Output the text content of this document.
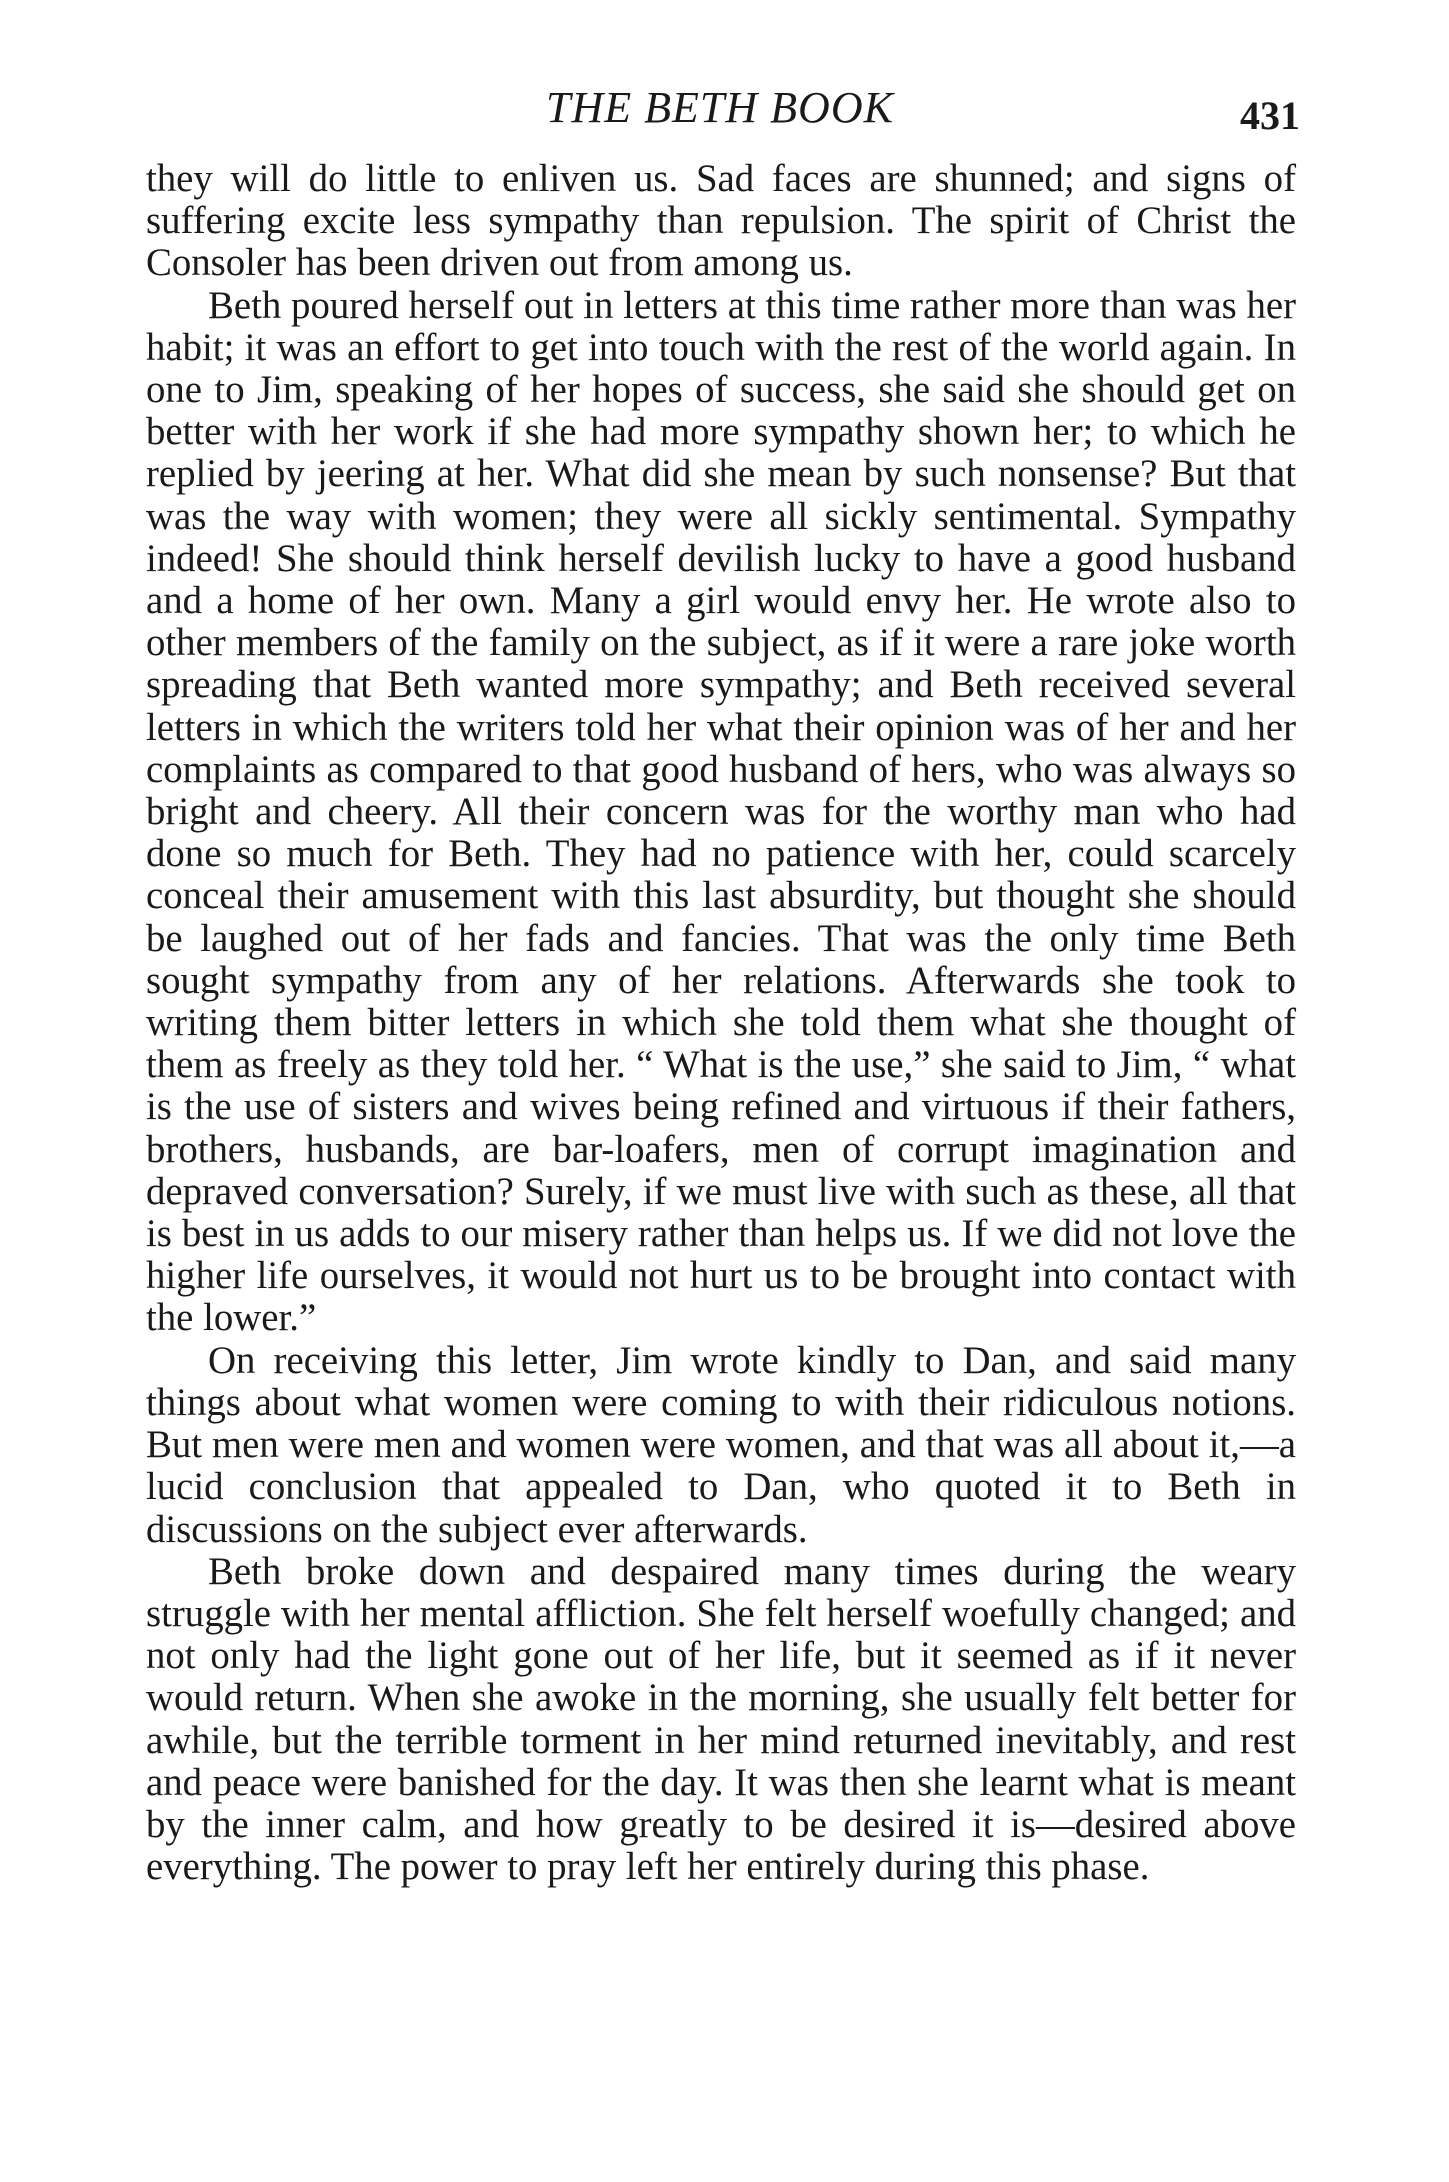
THE BETH BOOK	431

they will do little to enliven us. Sad faces are shunned; and signs of suffering excite less sympathy than repulsion. The spirit of Christ the Consoler has been driven out from among us.

Beth poured herself out in letters at this time rather more than was her habit; it was an effort to get into touch with the rest of the world again. In one to Jim, speaking of her hopes of success, she said she should get on better with her work if she had more sympathy shown her; to which he replied by jeering at her. What did she mean by such nonsense? But that was the way with women; they were all sickly sentimental. Sympathy indeed! She should think herself devilish lucky to have a good husband and a home of her own. Many a girl would envy her. He wrote also to other members of the family on the subject, as if it were a rare joke worth spreading that Beth wanted more sympathy; and Beth received several letters in which the writers told her what their opinion was of her and her complaints as compared to that good husband of hers, who was always so bright and cheery. All their concern was for the worthy man who had done so much for Beth. They had no patience with her, could scarcely conceal their amusement with this last absurdity, but thought she should be laughed out of her fads and fancies. That was the only time Beth sought sympathy from any of her relations. Afterwards she took to writing them bitter letters in which she told them what she thought of them as freely as they told her. “ What is the use,” she said to Jim, “ what is the use of sisters and wives being refined and virtuous if their fathers, brothers, husbands, are bar-loafers, men of corrupt imagination and depraved conversation? Surely, if we must live with such as these, all that is best in us adds to our misery rather than helps us. If we did not love the higher life ourselves, it would not hurt us to be brought into contact with the lower.”

On receiving this letter, Jim wrote kindly to Dan, and said many things about what women were coming to with their ridiculous notions. But men were men and women were women, and that was all about it,—a lucid conclusion that appealed to Dan, who quoted it to Beth in discussions on the subject ever afterwards.

Beth broke down and despaired many times during the weary struggle with her mental affliction. She felt herself woefully changed; and not only had the light gone out of her life, but it seemed as if it never would return. When she awoke in the morning, she usually felt better for awhile, but the terrible torment in her mind returned inevitably, and rest and peace were banished for the day. It was then she learnt what is meant by the inner calm, and how greatly to be desired it is—desired above everything. The power to pray left her entirely during this phase.
